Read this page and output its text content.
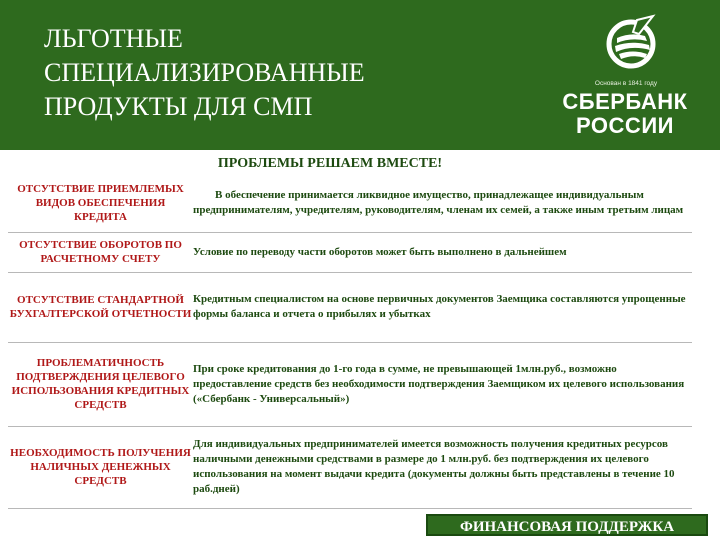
ЛЬГОТНЫЕ
СПЕЦИАЛИЗИРОВАННЫЕ
ПРОДУКТЫ ДЛЯ СМП
Основан в 1841 году
СБЕРБАНК
РОССИИ
ПРОБЛЕМЫ РЕШАЕМ ВМЕСТЕ!
ОТСУТСТВИЕ ПРИЕМЛЕМЫХ ВИДОВ ОБЕСПЕЧЕНИЯ КРЕДИТА	В обеспечение принимается ликвидное имущество, принадлежащее индивидуальным предпринимателям, учредителям, руководителям, членам их семей, а также иным третьим лицам
ОТСУТСТВИЕ ОБОРОТОВ ПО РАСЧЕТНОМУ СЧЕТУ	Условие по переводу части оборотов может быть выполнено в дальнейшем
ОТСУТСТВИЕ СТАНДАРТНОЙ БУХГАЛТЕРСКОЙ ОТЧЕТНОСТИ	Кредитным специалистом на основе первичных документов Заемщика составляются упрощенные формы баланса и отчета о прибылях и убытках
ПРОБЛЕМАТИЧНОСТЬ ПОДТВЕРЖДЕНИЯ ЦЕЛЕВОГО ИСПОЛЬЗОВАНИЯ КРЕДИТНЫХ СРЕДСТВ	При сроке кредитования до 1-го года в сумме, не превышающей 1млн.руб., возможно предоставление средств без необходимости подтверждения Заемщиком их целевого использования («Сбербанк - Универсальный»)
НЕОБХОДИМОСТЬ ПОЛУЧЕНИЯ НАЛИЧНЫХ ДЕНЕЖНЫХ СРЕДСТВ	Для индивидуальных предпринимателей имеется возможность получения кредитных ресурсов наличными денежными средствами в размере до 1 млн.руб. без подтверждения их целевого использования на момент выдачи кредита (документы должны быть представлены в течение 10 раб.дней)
ФИНАНСОВАЯ ПОДДЕРЖКА
